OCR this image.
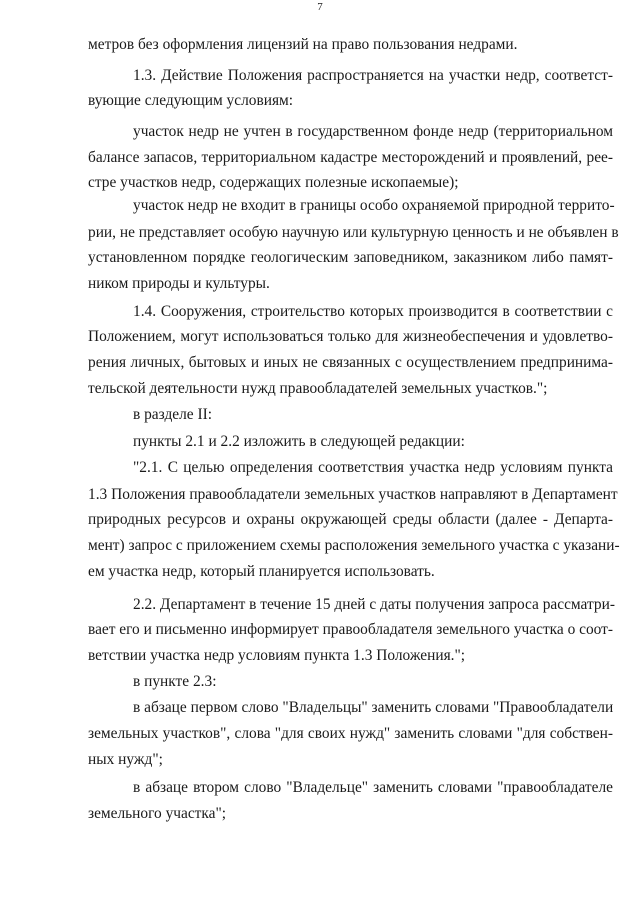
7
метров без оформления лицензий на право пользования недрами.
1.3. Действие Положения распространяется на участки недр, соответст-
вующие следующим условиям:
участок недр не учтен в государственном фонде недр (территориальном
балансе запасов, территориальном кадастре месторождений и проявлений, рее-
стре участков недр, содержащих полезные ископаемые);
участок недр не входит в границы особо охраняемой природной террито-
рии, не представляет особую научную или культурную ценность и не объявлен в
установленном порядке геологическим заповедником, заказником либо памят-
ником природы и культуры.
1.4. Сооружения, строительство которых производится в соответствии с
Положением, могут использоваться только для жизнеобеспечения и удовлетво-
рения личных, бытовых и иных не связанных с осуществлением предпринима-
тельской деятельности нужд правообладателей земельных участков.";
в разделе II:
пункты 2.1 и 2.2 изложить в следующей редакции:
"2.1. С целью определения соответствия участка недр условиям пункта
1.3 Положения правообладатели земельных участков направляют в Департамент
природных ресурсов и охраны окружающей среды области (далее - Департа-
мент) запрос с приложением схемы расположения земельного участка с указани-
ем участка недр, который планируется использовать.
2.2. Департамент в течение 15 дней с даты получения запроса рассматри-
вает его и письменно информирует правообладателя земельного участка о соот-
ветствии участка недр условиям пункта 1.3 Положения.";
в пункте 2.3:
в абзаце первом слово "Владельцы" заменить словами "Правообладатели
земельных участков", слова "для своих нужд" заменить словами "для собствен-
ных нужд";
в абзаце втором слово "Владельце" заменить словами "правообладателе
земельного участка";
